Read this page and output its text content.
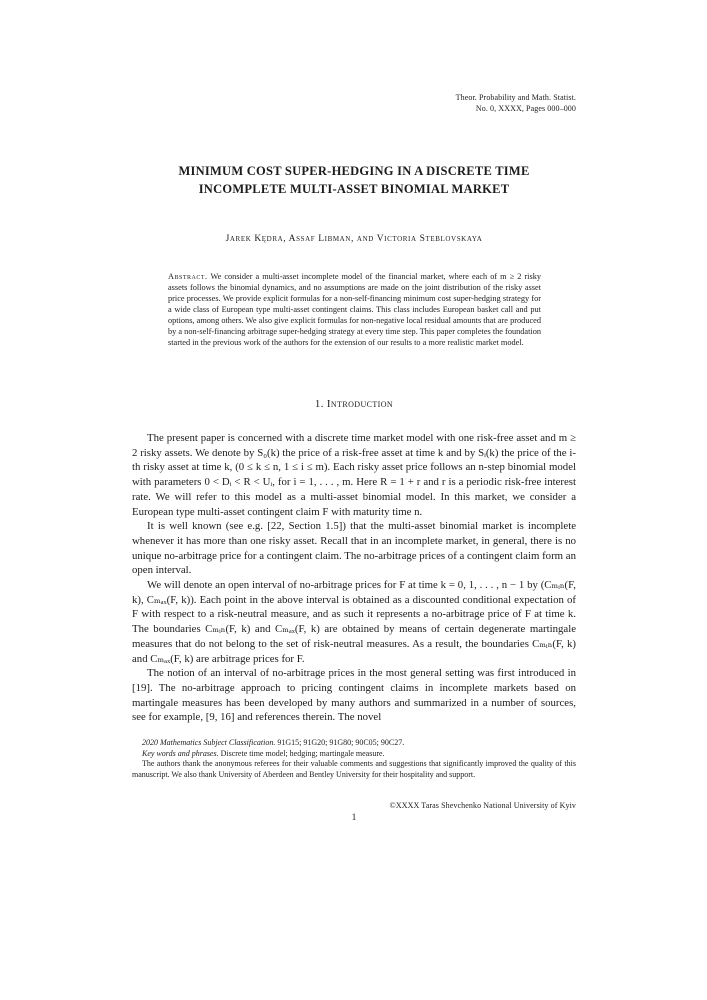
Theor. Probability and Math. Statist.
No. 0, XXXX, Pages 000–000
MINIMUM COST SUPER-HEDGING IN A DISCRETE TIME
INCOMPLETE MULTI-ASSET BINOMIAL MARKET
Jarek Kędra, Assaf Libman, and Victoria Steblovskaya
Abstract. We consider a multi-asset incomplete model of the financial market, where each of m ≥ 2 risky assets follows the binomial dynamics, and no assumptions are made on the joint distribution of the risky asset price processes. We provide explicit formulas for a non-self-financing minimum cost super-hedging strategy for a wide class of European type multi-asset contingent claims. This class includes European basket call and put options, among others. We also give explicit formulas for non-negative local residual amounts that are produced by a non-self-financing arbitrage super-hedging strategy at every time step. This paper completes the foundation started in the previous work of the authors for the extension of our results to a more realistic market model.
1. Introduction

The present paper is concerned with a discrete time market model with one risk-free asset and m ≥ 2 risky assets. We denote by S₀(k) the price of a risk-free asset at time k and by Sᵢ(k) the price of the i-th risky asset at time k, (0 ≤ k ≤ n, 1 ≤ i ≤ m). Each risky asset price follows an n-step binomial model with parameters 0 < Dᵢ < R < Uᵢ, for i = 1, . . . , m. Here R = 1 + r and r is a periodic risk-free interest rate. We will refer to this model as a multi-asset binomial model. In this market, we consider a European type multi-asset contingent claim F with maturity time n.

It is well known (see e.g. [22, Section 1.5]) that the multi-asset binomial market is incomplete whenever it has more than one risky asset. Recall that in an incomplete market, in general, there is no unique no-arbitrage price for a contingent claim. The no-arbitrage prices of a contingent claim form an open interval.

We will denote an open interval of no-arbitrage prices for F at time k = 0, 1, . . . , n − 1 by (Cₘᵢₙ(F, k), Cₘₐₓ(F, k)). Each point in the above interval is obtained as a discounted conditional expectation of F with respect to a risk-neutral measure, and as such it represents a no-arbitrage price of F at time k. The boundaries Cₘᵢₙ(F, k) and Cₘₐₓ(F, k) are obtained by means of certain degenerate martingale measures that do not belong to the set of risk-neutral measures. As a result, the boundaries Cₘᵢₙ(F, k) and Cₘₐₓ(F, k) are arbitrage prices for F.

The notion of an interval of no-arbitrage prices in the most general setting was first introduced in [19]. The no-arbitrage approach to pricing contingent claims in incomplete markets based on martingale measures has been developed by many authors and summarized in a number of sources, see for example, [9, 16] and references therein. The novel

2020 Mathematics Subject Classification. 91G15; 91G20; 91G80; 90C05; 90C27.

Key words and phrases. Discrete time model; hedging; martingale measure.

The authors thank the anonymous referees for their valuable comments and suggestions that significantly improved the quality of this manuscript. We also thank University of Aberdeen and Bentley University for their hospitality and support.

©XXXX Taras Shevchenko National University of Kyiv
1
